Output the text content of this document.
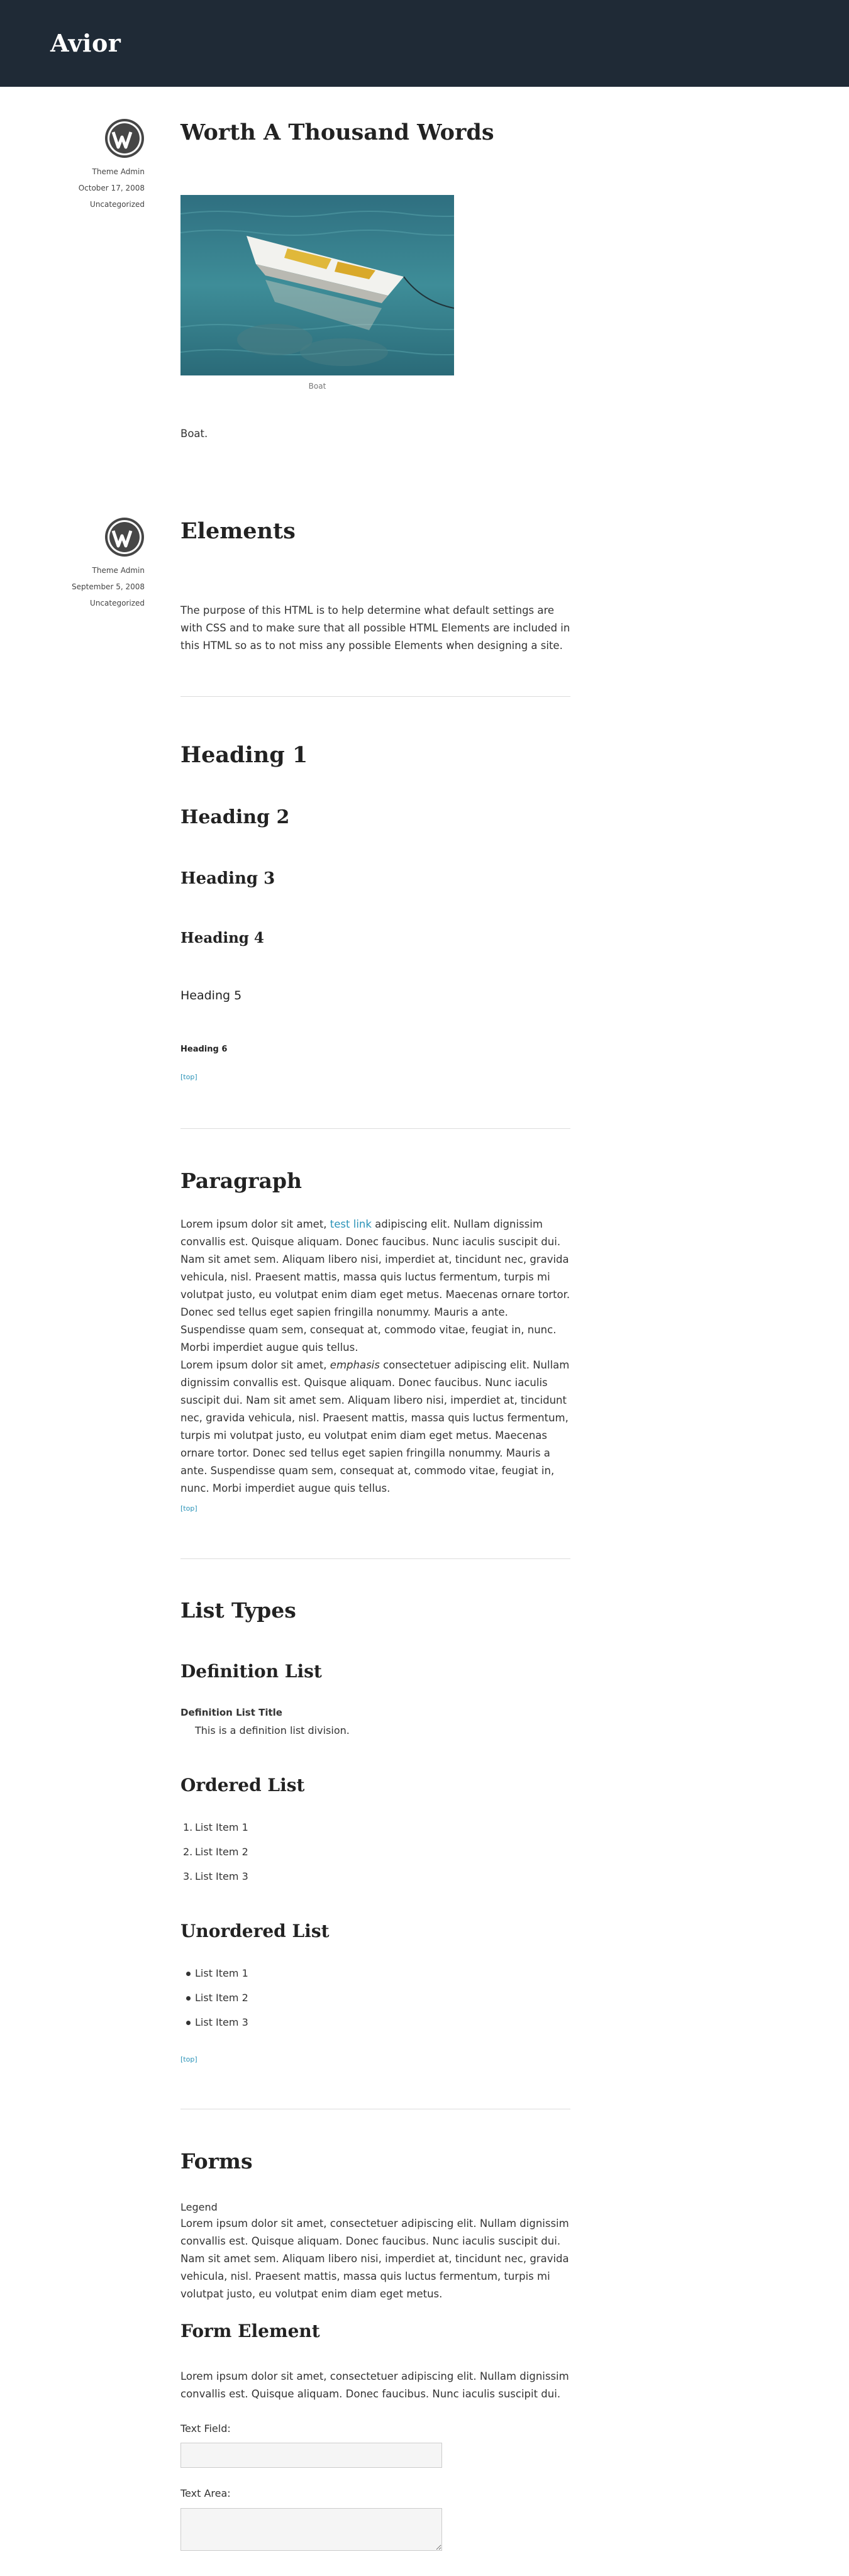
Avior
Theme Admin
October 17, 2008
Uncategorized
Worth A Thousand Words
Boat

Boat.

Theme Admin
September 5, 2008
Uncategorized
Elements

The purpose of this HTML is to help determine what default settings are with CSS and to make sure that all possible HTML Elements are included in this HTML so as to not miss any possible Elements when designing a site.

Heading 1
Heading 2
Heading 3
Heading 4
Heading 5
Heading 6
[top]
Paragraph

Lorem ipsum dolor sit amet, test link adipiscing elit. Nullam dignissim convallis est. Quisque aliquam. Donec faucibus. Nunc iaculis suscipit dui. Nam sit amet sem. Aliquam libero nisi, imperdiet at, tincidunt nec, gravida vehicula, nisl. Praesent mattis, massa quis luctus fermentum, turpis mi volutpat justo, eu volutpat enim diam eget metus. Maecenas ornare tortor. Donec sed tellus eget sapien fringilla nonummy. Mauris a ante. Suspendisse quam sem, consequat at, commodo vitae, feugiat in, nunc. Morbi imperdiet augue quis tellus.

Lorem ipsum dolor sit amet, emphasis consectetuer adipiscing elit. Nullam dignissim convallis est. Quisque aliquam. Donec faucibus. Nunc iaculis suscipit dui. Nam sit amet sem. Aliquam libero nisi, imperdiet at, tincidunt nec, gravida vehicula, nisl. Praesent mattis, massa quis luctus fermentum, turpis mi volutpat justo, eu volutpat enim diam eget metus. Maecenas ornare tortor. Donec sed tellus eget sapien fringilla nonummy. Mauris a ante. Suspendisse quam sem, consequat at, commodo vitae, feugiat in, nunc. Morbi imperdiet augue quis tellus.

[top]
List Types
Definition List
Definition List Title
This is a definition list division.
Ordered List
1. List Item 1
2. List Item 2
3. List Item 3
Unordered List
List Item 1
List Item 2
List Item 3
[top]
Forms
Legend

Lorem ipsum dolor sit amet, consectetuer adipiscing elit. Nullam dignissim convallis est. Quisque aliquam. Donec faucibus. Nunc iaculis suscipit dui. Nam sit amet sem. Aliquam libero nisi, imperdiet at, tincidunt nec, gravida vehicula, nisl. Praesent mattis, massa quis luctus fermentum, turpis mi volutpat justo, eu volutpat enim diam eget metus.

Form Element

Lorem ipsum dolor sit amet, consectetuer adipiscing elit. Nullam dignissim convallis est. Quisque aliquam. Donec faucibus. Nunc iaculis suscipit dui.

Text Field:
Text Area:
